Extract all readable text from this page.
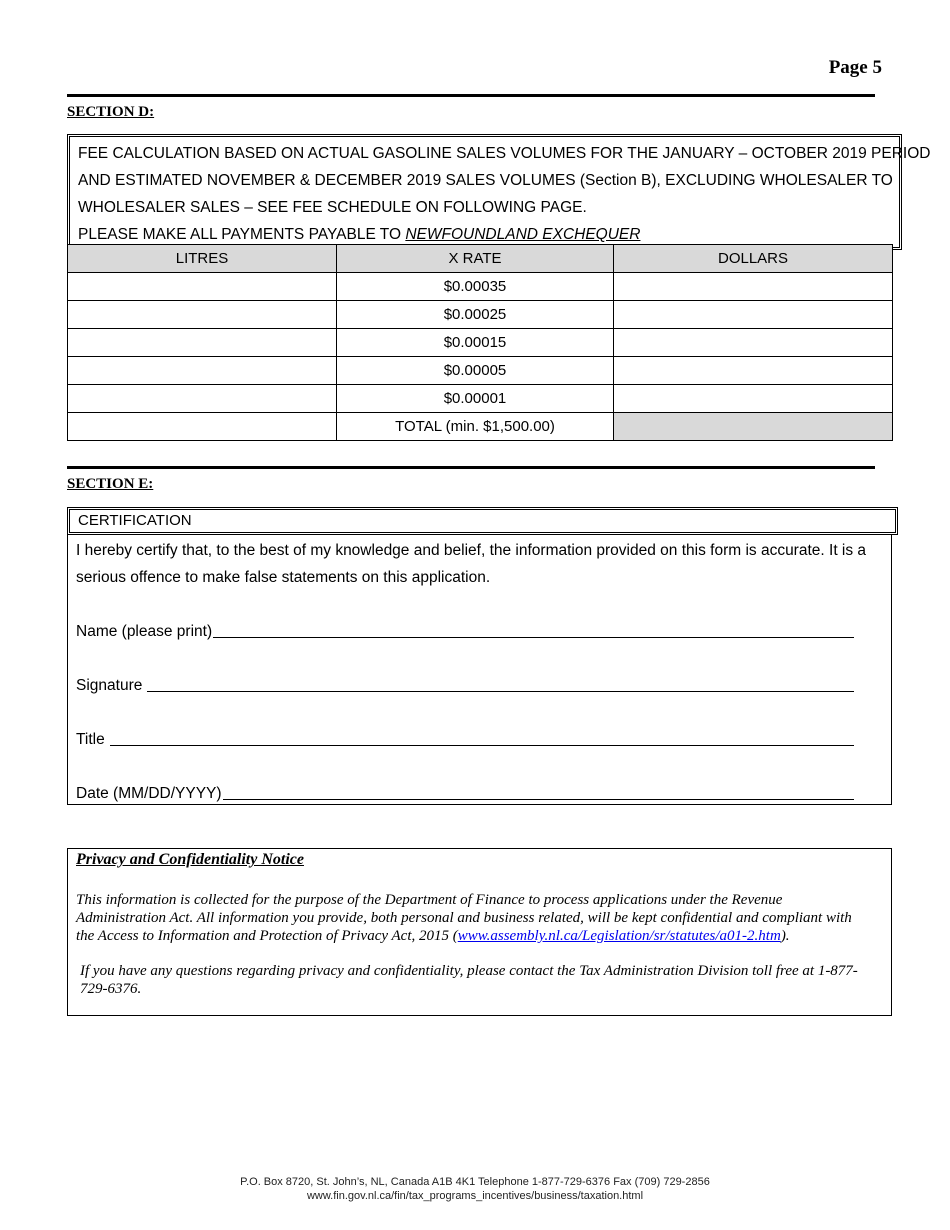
Page 5
SECTION D:
FEE CALCULATION BASED ON ACTUAL GASOLINE SALES VOLUMES FOR THE JANUARY – OCTOBER 2019 PERIOD
AND ESTIMATED NOVEMBER & DECEMBER 2019 SALES VOLUMES (Section B), EXCLUDING WHOLESALER TO
WHOLESALER SALES – SEE FEE SCHEDULE ON FOLLOWING PAGE.
PLEASE MAKE ALL PAYMENTS PAYABLE TO NEWFOUNDLAND EXCHEQUER
LITRES	X RATE	DOLLARS
	$0.00035	
	$0.00025	
	$0.00015	
	$0.00005	
	$0.00001	
	TOTAL (min. $1,500.00)	
SECTION E:
CERTIFICATION
I hereby certify that, to the best of my knowledge and belief, the information provided on this form is accurate. It is a serious offence to make false statements on this application.
Name (please print)
Signature
Title
Date (MM/DD/YYYY)
Privacy and Confidentiality Notice
This information is collected for the purpose of the Department of Finance to process applications under the Revenue Administration Act. All information you provide, both personal and business related, will be kept confidential and compliant with the Access to Information and Protection of Privacy Act, 2015 (www.assembly.nl.ca/Legislation/sr/statutes/a01-2.htm).
If you have any questions regarding privacy and confidentiality, please contact the Tax Administration Division toll free at 1-877-729-6376.
P.O. Box 8720, St. John’s, NL, Canada A1B 4K1 Telephone 1-877-729-6376 Fax (709) 729-2856
www.fin.gov.nl.ca/fin/tax_programs_incentives/business/taxation.html
